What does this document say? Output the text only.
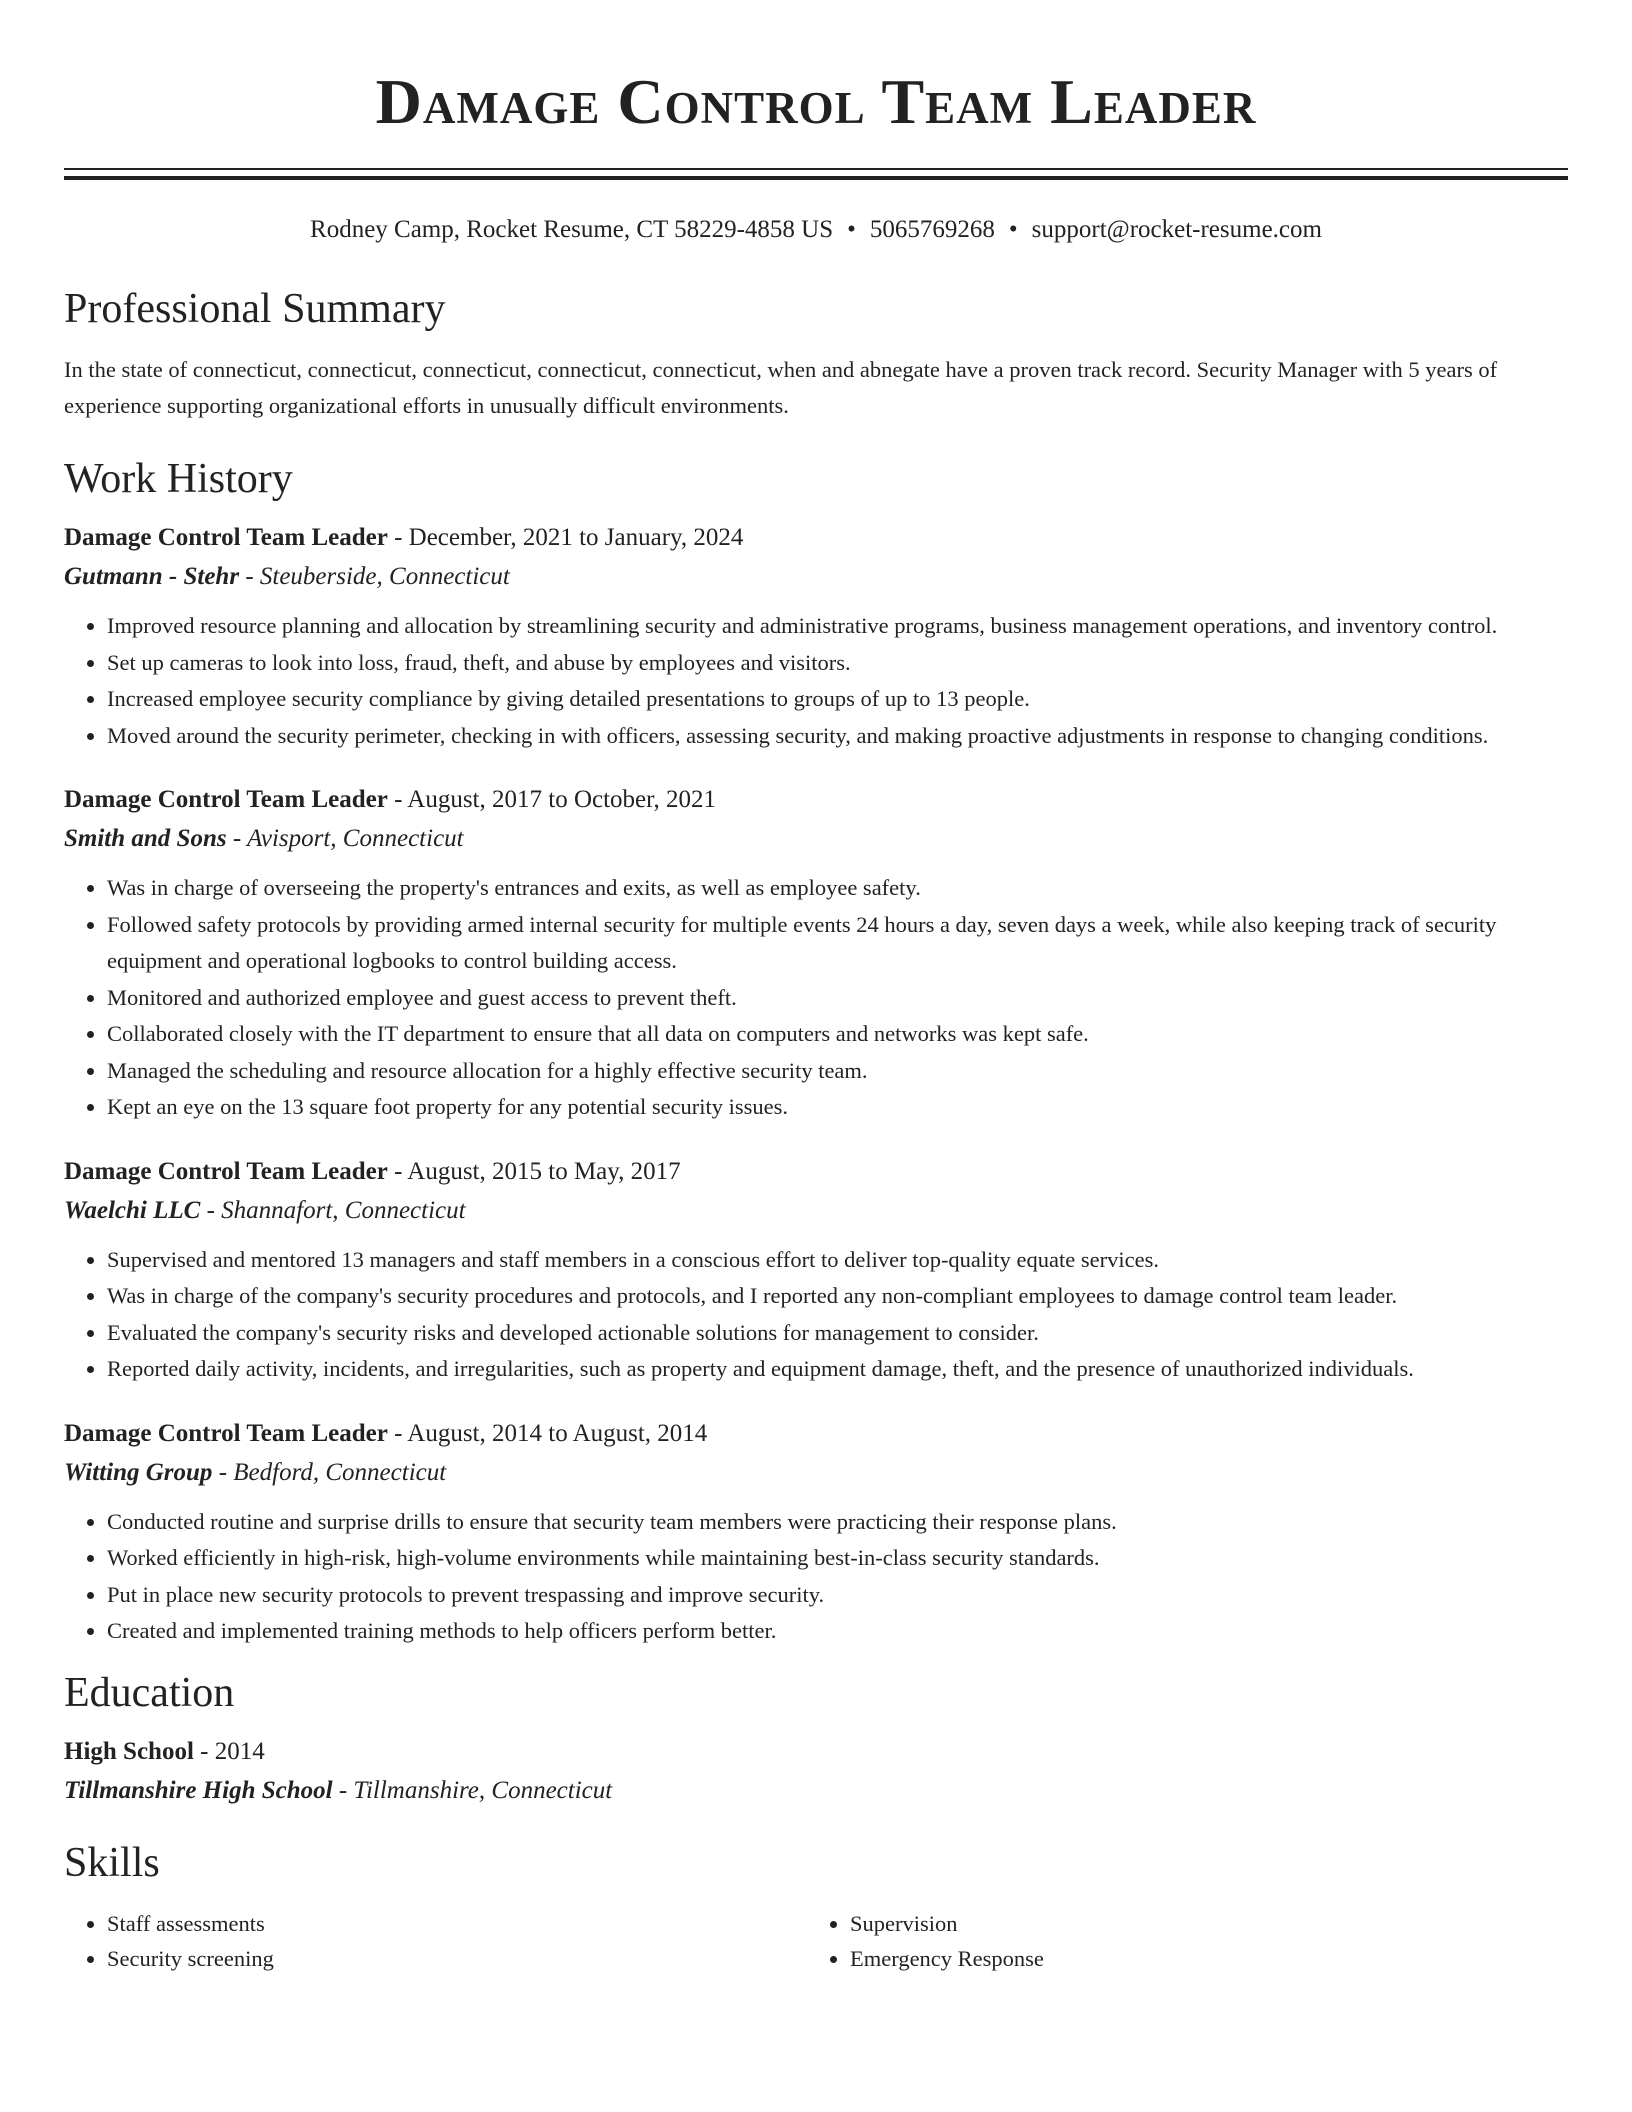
Damage Control Team Leader
Rodney Camp, Rocket Resume, CT 58229-4858 US • 5065769268 • support@rocket-resume.com
Professional Summary
In the state of connecticut, connecticut, connecticut, connecticut, connecticut, when and abnegate have a proven track record. Security Manager with 5 years of experience supporting organizational efforts in unusually difficult environments.
Work History
Damage Control Team Leader - December, 2021 to January, 2024
Gutmann - Stehr - Steuberside, Connecticut
• Improved resource planning and allocation by streamlining security and administrative programs, business management operations, and inventory control.
• Set up cameras to look into loss, fraud, theft, and abuse by employees and visitors.
• Increased employee security compliance by giving detailed presentations to groups of up to 13 people.
• Moved around the security perimeter, checking in with officers, assessing security, and making proactive adjustments in response to changing conditions.
Damage Control Team Leader - August, 2017 to October, 2021
Smith and Sons - Avisport, Connecticut
• Was in charge of overseeing the property's entrances and exits, as well as employee safety.
• Followed safety protocols by providing armed internal security for multiple events 24 hours a day, seven days a week, while also keeping track of security equipment and operational logbooks to control building access.
• Monitored and authorized employee and guest access to prevent theft.
• Collaborated closely with the IT department to ensure that all data on computers and networks was kept safe.
• Managed the scheduling and resource allocation for a highly effective security team.
• Kept an eye on the 13 square foot property for any potential security issues.
Damage Control Team Leader - August, 2015 to May, 2017
Waelchi LLC - Shannafort, Connecticut
• Supervised and mentored 13 managers and staff members in a conscious effort to deliver top-quality equate services.
• Was in charge of the company's security procedures and protocols, and I reported any non-compliant employees to damage control team leader.
• Evaluated the company's security risks and developed actionable solutions for management to consider.
• Reported daily activity, incidents, and irregularities, such as property and equipment damage, theft, and the presence of unauthorized individuals.
Damage Control Team Leader - August, 2014 to August, 2014
Witting Group - Bedford, Connecticut
• Conducted routine and surprise drills to ensure that security team members were practicing their response plans.
• Worked efficiently in high-risk, high-volume environments while maintaining best-in-class security standards.
• Put in place new security protocols to prevent trespassing and improve security.
• Created and implemented training methods to help officers perform better.
Education
High School - 2014
Tillmanshire High School - Tillmanshire, Connecticut
Skills
• Staff assessments
• Security screening
• Supervision
• Emergency Response
